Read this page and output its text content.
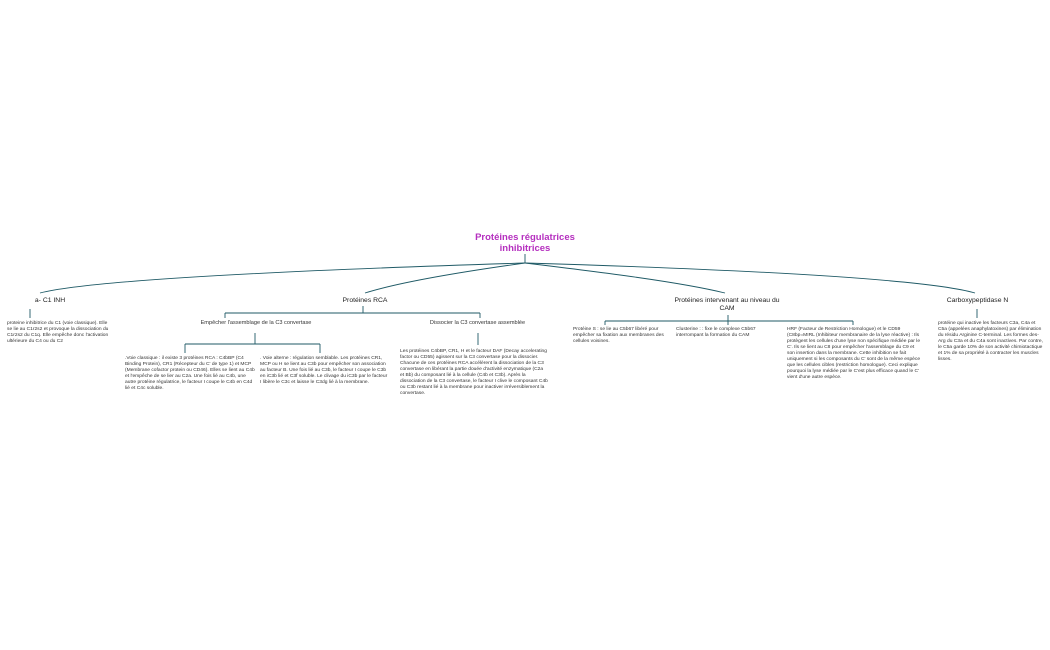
Protéines régulatrices inhibitrices
a- C1 INH
proteine inhibitrice du C1 (voie classique). Elle se lie au C1r2s2 et provoque la dissociation du C1r2s2 du C1q. Elle empêche donc l'activation ultérieure du C4 ou du C2
Protéines RCA
Empêcher l'assemblage de la C3 convertase	Dissocier la C3 convertase assemblée
.Voie classique : il existe 3 protéines RCA : C4bBP (C4 Binding Protein), CR1 (Récepteur du C' de type 1) et MCP (Membrane cofactor protein ou CD46). Elles se lient au C4b et l'empêche de se lier au C2a. Une fois lié au C4b, une autre protéine régulatrice, le facteur I coupe le C4b en C4d lié et C4c soluble.
. Voie alterne : régulation semblable. Les protéines CR1, MCP ou H se lient au C3b pour empêcher son association au facteur B. Une fois lié au C3b, le facteur I coupe le C3b en iC3b lié et C3f soluble. Le clivage du iC3b par le facteur I libère le C3c et laisse le C3dg lié à la membrane.
Les protéines C4bBP, CR1, H et le facteur DAF (Decay accelerating factor ou CD55) agissent sur la C3 convertase pour la dissocier. Chacune de ces protéines RCA accélèrent la dissociation de la C3 convertase en libérant la partie douée d'activité enzymatique (C2a et Bb) du composant lié à la cellule (C4b et C3b). Après la dissociation de la C3 convertase, le facteur I clive le composant C4b ou C3b restant lié à la membrane pour inactiver irréversiblement la convertase.
Protéines intervenant au niveau du CAM
Protéine S : se lie au C5b67 libéré pour empêcher sa fixation aux membranes des cellules voisines.
Clusterine : : fixe le complexe C5b67 interrompant la formation du CAM
HRF (Facteur de Restriction Homologue) et le CD59 (C8bp=MIRL (Inhibiteur membranaire de la lyse réactive) : Ils protègent les cellules d'une lyse non spécifique médiée par le C'. Ils se lient au C8 pour empêcher l'assemblage du C9 et son insertion dans la membrane. Cette inhibition se fait uniquement si les composants du C' sont de la même espèce que les cellules cibles (restriction homologue). Ceci explique pourquoi la lyse médiée par le C'est plus efficace quand le C' vient d'une autre espèce.
Carboxypeptidase N
protéine qui inactive les facteurs C3a, C4a et C5a (appelées anaphylatoxines) par élimination du résidu Arginine C-terminal. Les formes des-Arg du C3a et du C4a sont inactives. Par contre, le C5a garde 10% de son activité chimiotactique et 1% de sa propriété à contracter les muscles lisses.
